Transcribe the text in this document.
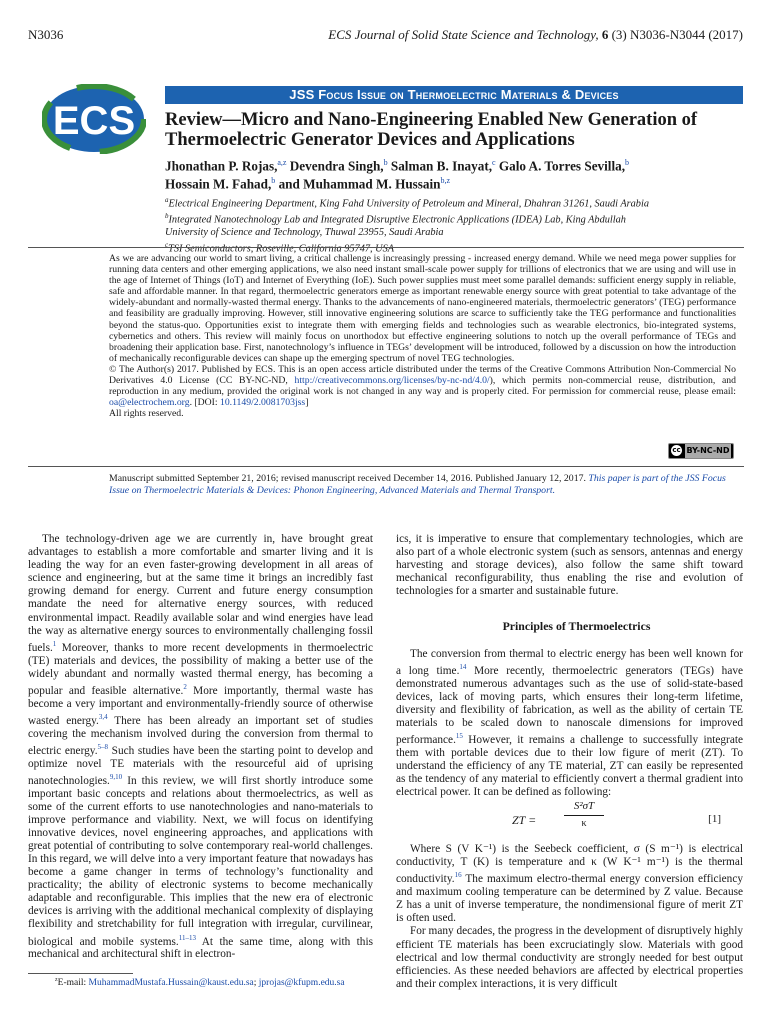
N3036	ECS Journal of Solid State Science and Technology, 6 (3) N3036-N3044 (2017)
ECS
JSS Focus Issue on Thermoelectric Materials & Devices
Review—Micro and Nano-Engineering Enabled New Generation of
Thermoelectric Generator Devices and Applications
Jhonathan P. Rojas,$^{a,z}$ Devendra Singh,$^b$ Salman B. Inayat,$^c$ Galo A. Torres Sevilla,$^b$
Hossain M. Fahad,$^b$ and Muhammad M. Hussain$^{b,z}$
$^a$Electrical Engineering Department, King Fahd University of Petroleum and Mineral, Dhahran 31261, Saudi Arabia
$^b$Integrated Nanotechnology Lab and Integrated Disruptive Electronic Applications (IDEA) Lab, King Abdullah
University of Science and Technology, Thuwal 23955, Saudi Arabia
$^c$TSI Semiconductors, Roseville, California 95747, USA
As we are advancing our world to smart living, a critical challenge is increasingly pressing - increased energy demand. While we need mega power supplies for running data centers and other emerging applications, we also need instant small-scale power supply for trillions of electronics that we are using and will use in the age of Internet of Things (IoT) and Internet of Everything (IoE). Such power supplies must meet some parallel demands: sufficient energy supply in reliable, safe and affordable manner. In that regard, thermoelectric generators emerge as important renewable energy source with great potential to take advantage of the widely-abundant and normally-wasted thermal energy. Thanks to the advancements of nano-engineered materials, thermoelectric generators’ (TEG) performance and feasibility are gradually improving. However, still innovative engineering solutions are scarce to sufficiently take the TEG performance and functionalities beyond the status-quo. Opportunities exist to integrate them with emerging fields and technologies such as wearable electronics, bio-integrated systems, cybernetics and others. This review will mainly focus on unorthodox but effective engineering solutions to notch up the overall performance of TEGs and broadening their application base. First, nanotechnology’s influence in TEGs’ development will be introduced, followed by a discussion on how the introduction of mechanically reconfigurable devices can shape up the emerging spectrum of novel TEG technologies.
© The Author(s) 2017. Published by ECS. This is an open access article distributed under the terms of the Creative Commons Attribution Non-Commercial No Derivatives 4.0 License (CC BY-NC-ND, http://creativecommons.org/licenses/by-nc-nd/4.0/), which permits non-commercial reuse, distribution, and reproduction in any medium, provided the original work is not changed in any way and is properly cited. For permission for commercial reuse, please email: oa@electrochem.org. [DOI: 10.1149/2.0081703jss]
All rights reserved.
cc BY-NC-ND
Manuscript submitted September 21, 2016; revised manuscript received December 14, 2016. Published January 12, 2017. This paper is part of the JSS Focus Issue on Thermoelectric Materials & Devices: Phonon Engineering, Advanced Materials and Thermal Transport.

The technology-driven age we are currently in, have brought great advantages to establish a more comfortable and smarter living and it is leading the way for an even faster-growing development in all areas of science and engineering, but at the same time it brings an incredibly fast growing demand for energy. Current and future energy consumption mandate the need for alternative energy sources, with reduced environmental impact. Readily available solar and wind energies have lead the way as alternative energy sources to environmentally challenging fossil fuels.$^1$ Moreover, thanks to more recent developments in thermoelectric (TE) materials and devices, the possibility of making a better use of the widely abundant and normally wasted thermal energy, has becoming a popular and feasible alternative.$^2$ More importantly, thermal waste has become a very important and environmentally-friendly source of otherwise wasted energy.$^{3,4}$ There has been already an important set of studies covering the mechanism involved during the conversion from thermal to electric energy.$^{5-8}$ Such studies have been the starting point to develop and optimize novel TE materials with the resourceful aid of uprising nanotechnologies.$^{9,10}$ In this review, we will first shortly introduce some important basic concepts and relations about thermoelectrics, as well as some of the current efforts to use nanotechnologies and nano-materials to improve performance and viability. Next, we will focus on identifying innovative devices, novel engineering approaches, and applications with great potential of contributing to solve contemporary real-world challenges. In this regard, we will delve into a very important feature that nowadays has become a game changer in terms of technology’s functionality and practicality; the ability of electronic systems to become mechanically adaptable and reconfigurable. This implies that the new era of electronic devices is arriving with the additional mechanical complexity of displaying flexibility and stretchability for full integration with irregular, curvilinear, biological and mobile systems.$^{11-13}$ At the same time, along with this mechanical and architectural shift in electron-

ics, it is imperative to ensure that complementary technologies, which are also part of a whole electronic system (such as sensors, antennas and energy harvesting and storage devices), also follow the same shift toward mechanical reconfigurability, thus enabling the rise and evolution of technologies for a smarter and sustainable future.

Principles of Thermoelectrics

The conversion from thermal to electric energy has been well known for a long time.$^{14}$ More recently, thermoelectric generators (TEGs) have demonstrated numerous advantages such as the use of solid-state-based devices, lack of moving parts, which ensures their long-term lifetime, diversity and flexibility of fabrication, as well as the ability of certain TE materials to be scaled down to nanoscale dimensions for improved performance.$^{15}$ However, it remains a challenge to successfully integrate them with portable devices due to their low figure of merit (ZT). To understand the efficiency of any TE material, ZT can easily be represented as the tendency of any material to efficiently convert a thermal gradient into electrical power. It can be defined as following:

Where S (V K⁻¹) is the Seebeck coefficient, σ (S m⁻¹) is electrical conductivity, T (K) is temperature and κ (W K⁻¹ m⁻¹) is the thermal conductivity.$^{16}$ The maximum electro-thermal energy conversion efficiency and maximum cooling temperature can be determined by Z value. Because Z has a unit of inverse temperature, the nondimensional figure of merit ZT is often used.

For many decades, the progress in the development of disruptively highly efficient TE materials has been excruciatingly slow. Materials with good electrical and low thermal conductivity are strongly needed for best output efficiencies. As these needed behaviors are affected by electrical properties and their complex interactions, it is very difficult

ZT =
S²σT
κ	[1]
$^z$E-mail: MuhammadMustafa.Hussain@kaust.edu.sa; jprojas@kfupm.edu.sa
